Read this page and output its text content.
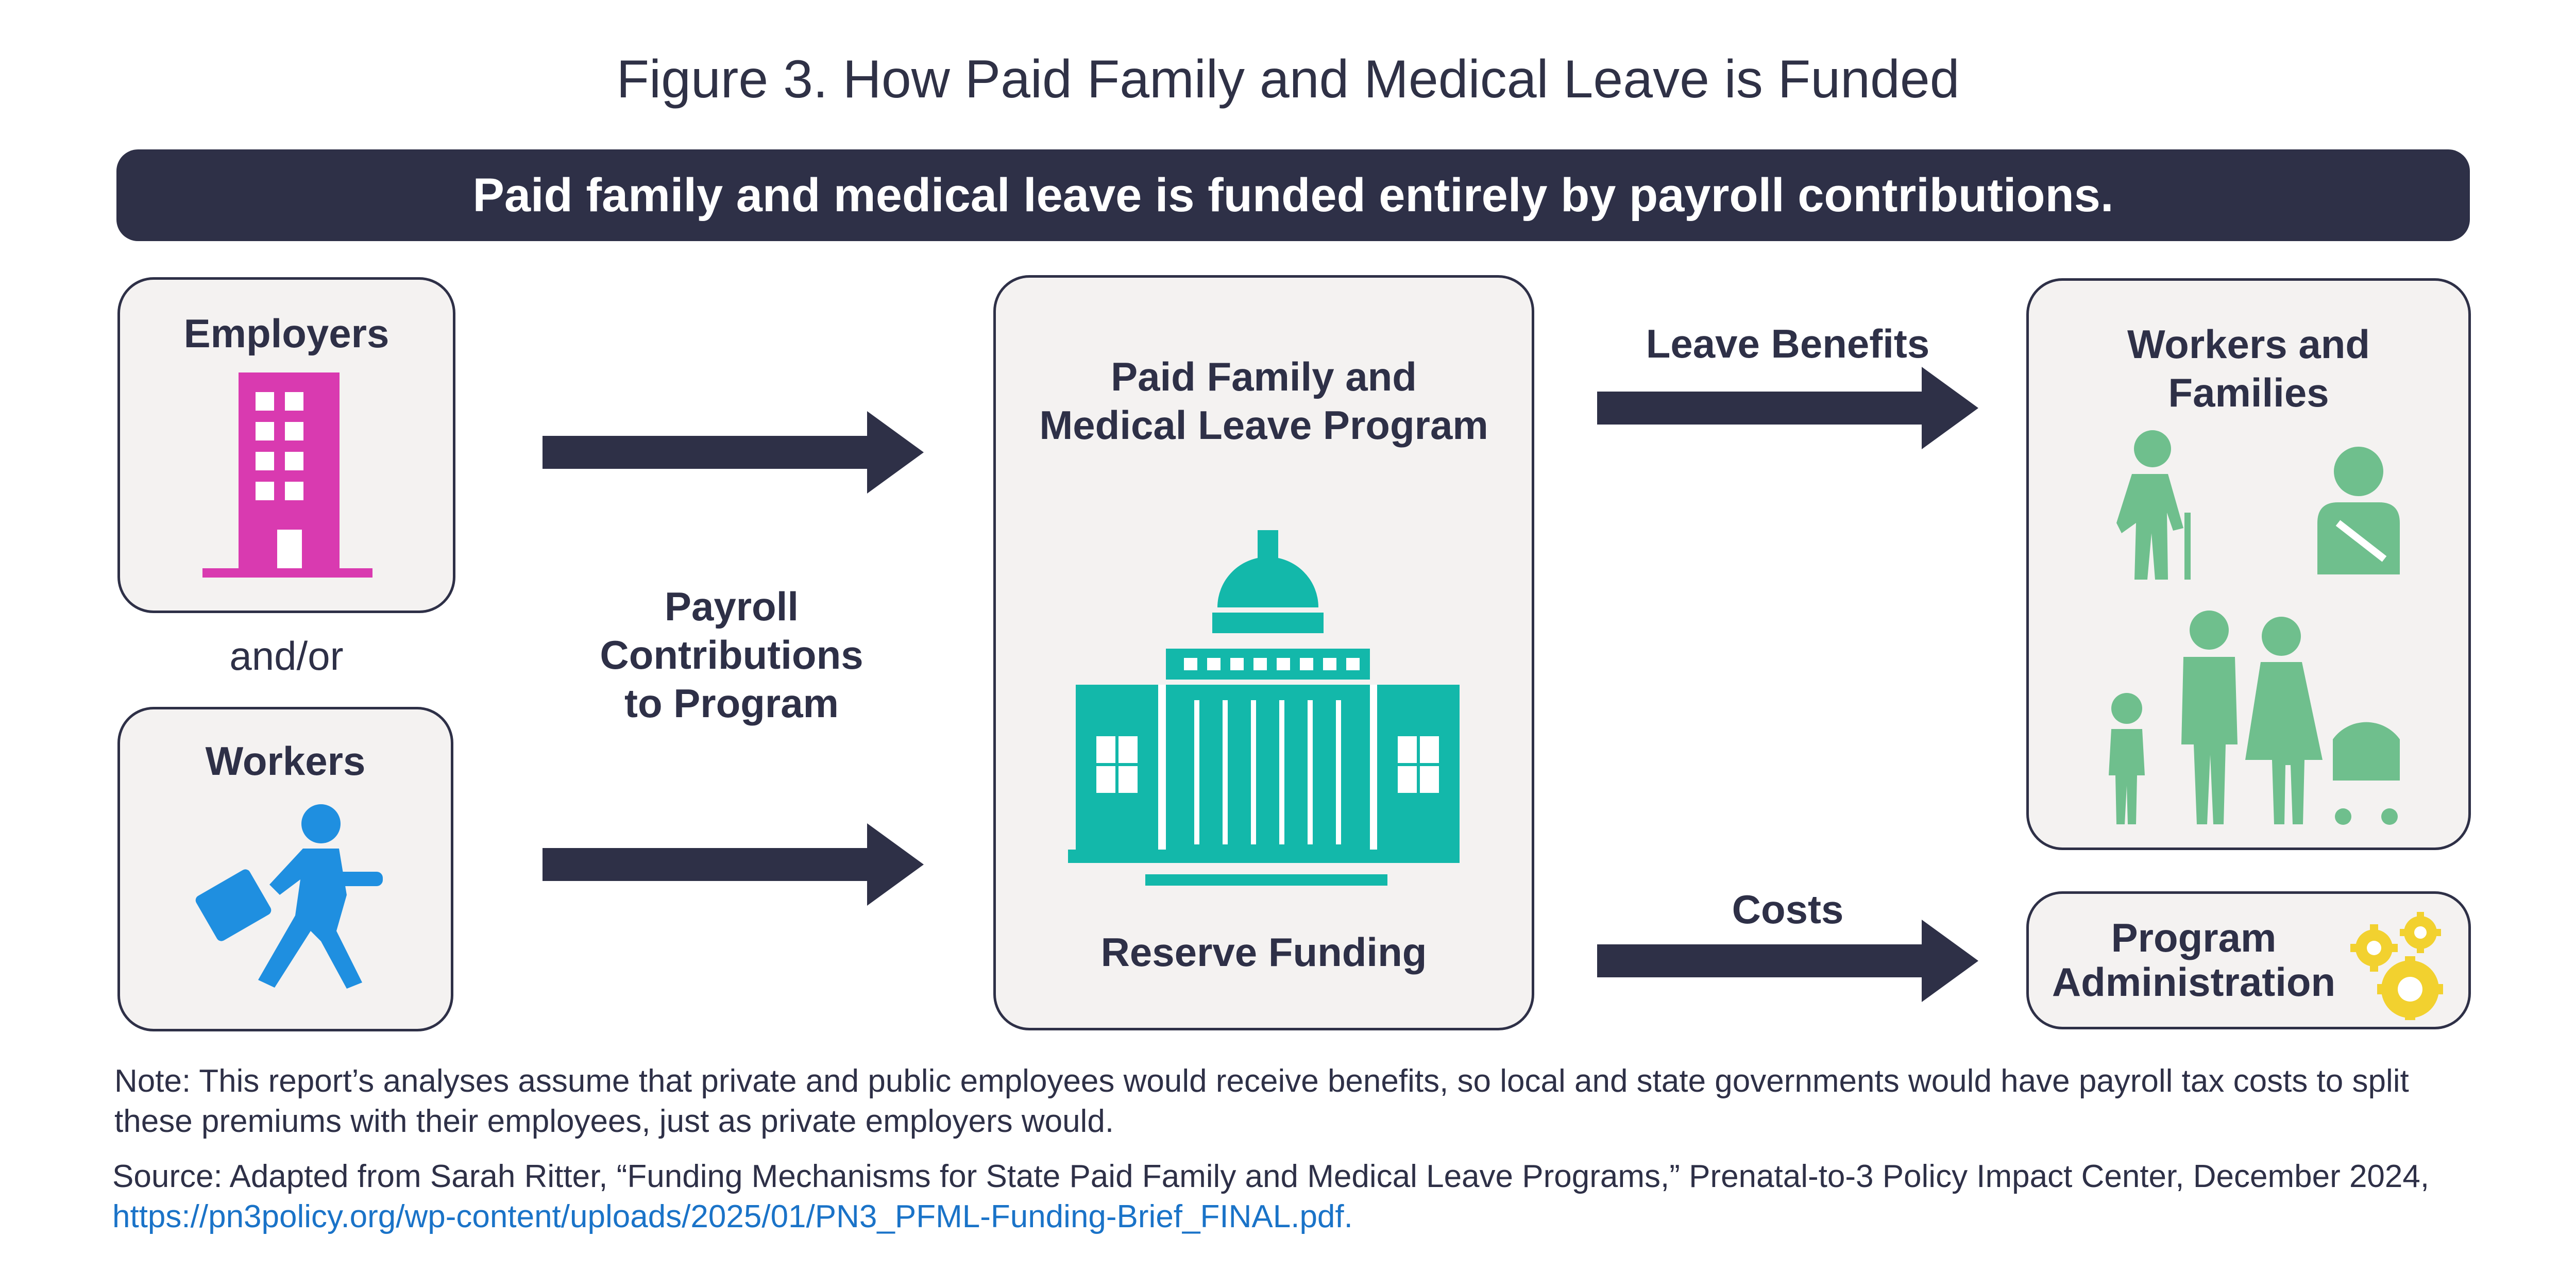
Figure 3. How Paid Family and Medical Leave is Funded
Paid family and medical leave is funded entirely by payroll contributions.
Employers
and/or
Workers
Payroll
Contributions
to Program
Paid Family and
Medical Leave Program
Reserve Funding
Leave Benefits
Costs
Workers and
Families
Program
Administration
Note: This report’s analyses assume that private and public employees would receive benefits, so local and state governments would have payroll tax costs to split these premiums with their employees, just as private employers would.
Source: Adapted from Sarah Ritter, “Funding Mechanisms for State Paid Family and Medical Leave Programs,” Prenatal-to-3 Policy Impact Center, December 2024, https://pn3policy.org/wp-content/uploads/2025/01/PN3_PFML-Funding-Brief_FINAL.pdf.
